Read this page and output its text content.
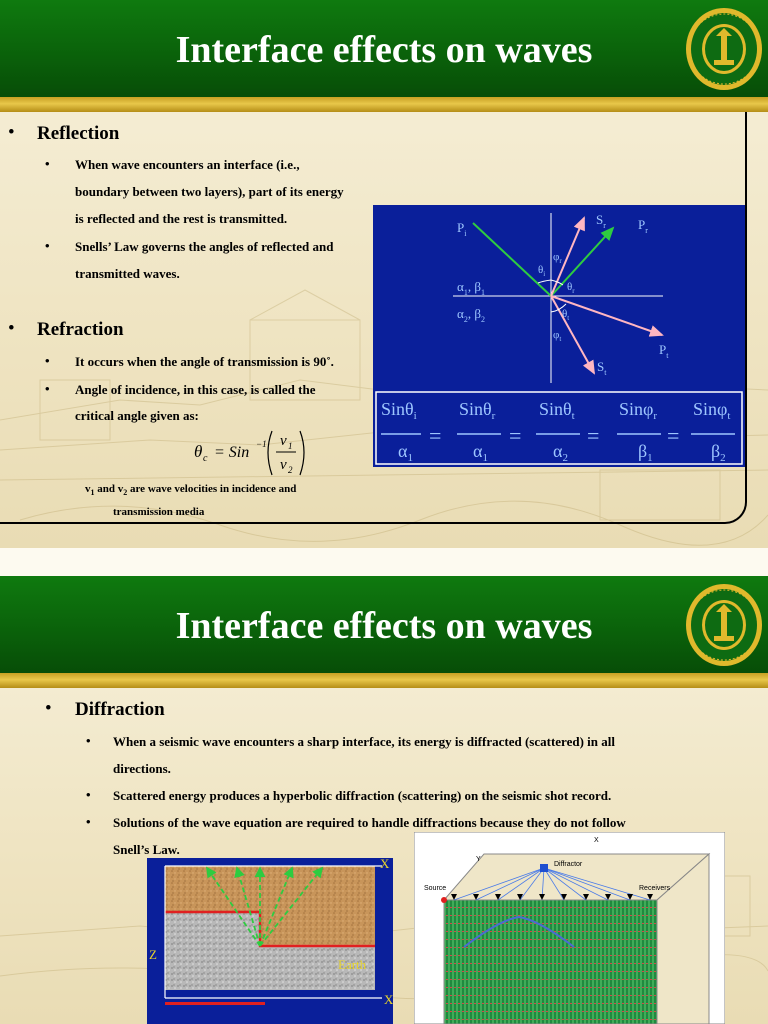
Interface effects on waves
• Reflection
• When wave encounters an interface (i.e.,
boundary between two layers), part of its energy
is reflected and the rest is transmitted.
• Snells’ Law governs the angles of reflected and
transmitted waves.
• Refraction
• It occurs when the angle of transmission is 90˚.
• Angle of incidence, in this case, is called the
critical angle given as:
θ c = Sin −1 v 1
v 2
$v_1$ and $v_2$ are wave velocities in incidence and
transmission media
$P_i$
$S_r$ $P_r$
$\varphi_r$
$\theta_i$
$\theta_r$
$\alpha_1$, $\beta_1$
$\alpha_2$, $\beta_2$	$\theta_t$
$\varphi_t$
$P_t$
$S_t$
Sinθ$_i$ Sinθ$_r$ Sinθ$_t$ Sinφ$_r$ Sinφ$_t$
$\alpha_1$	$\alpha_1$	$\alpha_2$	$\beta_1$	$\beta_2$
=	=	=	=
Interface effects on waves
• Diffraction
• When a seismic wave encounters a sharp interface, its energy is diffracted (scattered) in all
directions.
• Scattered energy produces a hyperbolic diffraction (scattering) on the seismic shot record.
• Solutions of the wave equation are required to handle diffractions because they do not follow
Snell’s Law.
X
Z
Earth
X
X
Y
Diffractor
Source	Receivers
